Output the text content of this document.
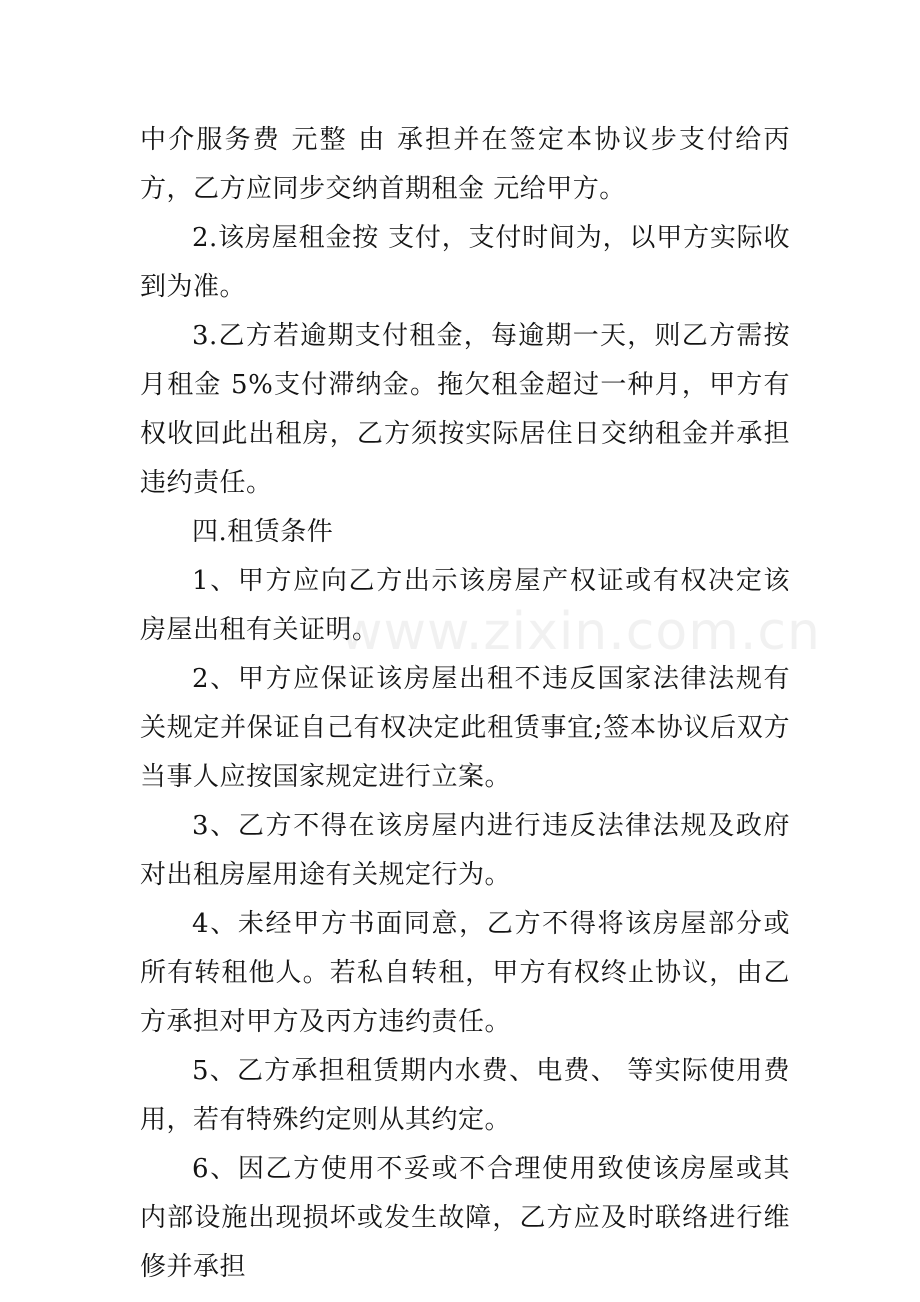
中介服务费 元整 由 承担并在签定本协议步支付给丙方，乙方应同步交纳首期租金 元给甲方。

2.该房屋租金按 支付，支付时间为，以甲方实际收到为准。

3.乙方若逾期支付租金，每逾期一天，则乙方需按月租金 5%支付滞纳金。拖欠租金超过一种月，甲方有权收回此出租房，乙方须按实际居住日交纳租金并承担违约责任。

四.租赁条件

1、甲方应向乙方出示该房屋产权证或有权决定该房屋出租有关证明。

2、甲方应保证该房屋出租不违反国家法律法规有关规定并保证自己有权决定此租赁事宜;签本协议后双方当事人应按国家规定进行立案。

3、乙方不得在该房屋内进行违反法律法规及政府对出租房屋用途有关规定行为。

4、未经甲方书面同意，乙方不得将该房屋部分或所有转租他人。若私自转租，甲方有权终止协议，由乙方承担对甲方及丙方违约责任。

5、乙方承担租赁期内水费、电费、 等实际使用费用，若有特殊约定则从其约定。

6、因乙方使用不妥或不合理使用致使该房屋或其内部设施出现损坏或发生故障，乙方应及时联络进行维修并承担

www.zixin.com.cn
